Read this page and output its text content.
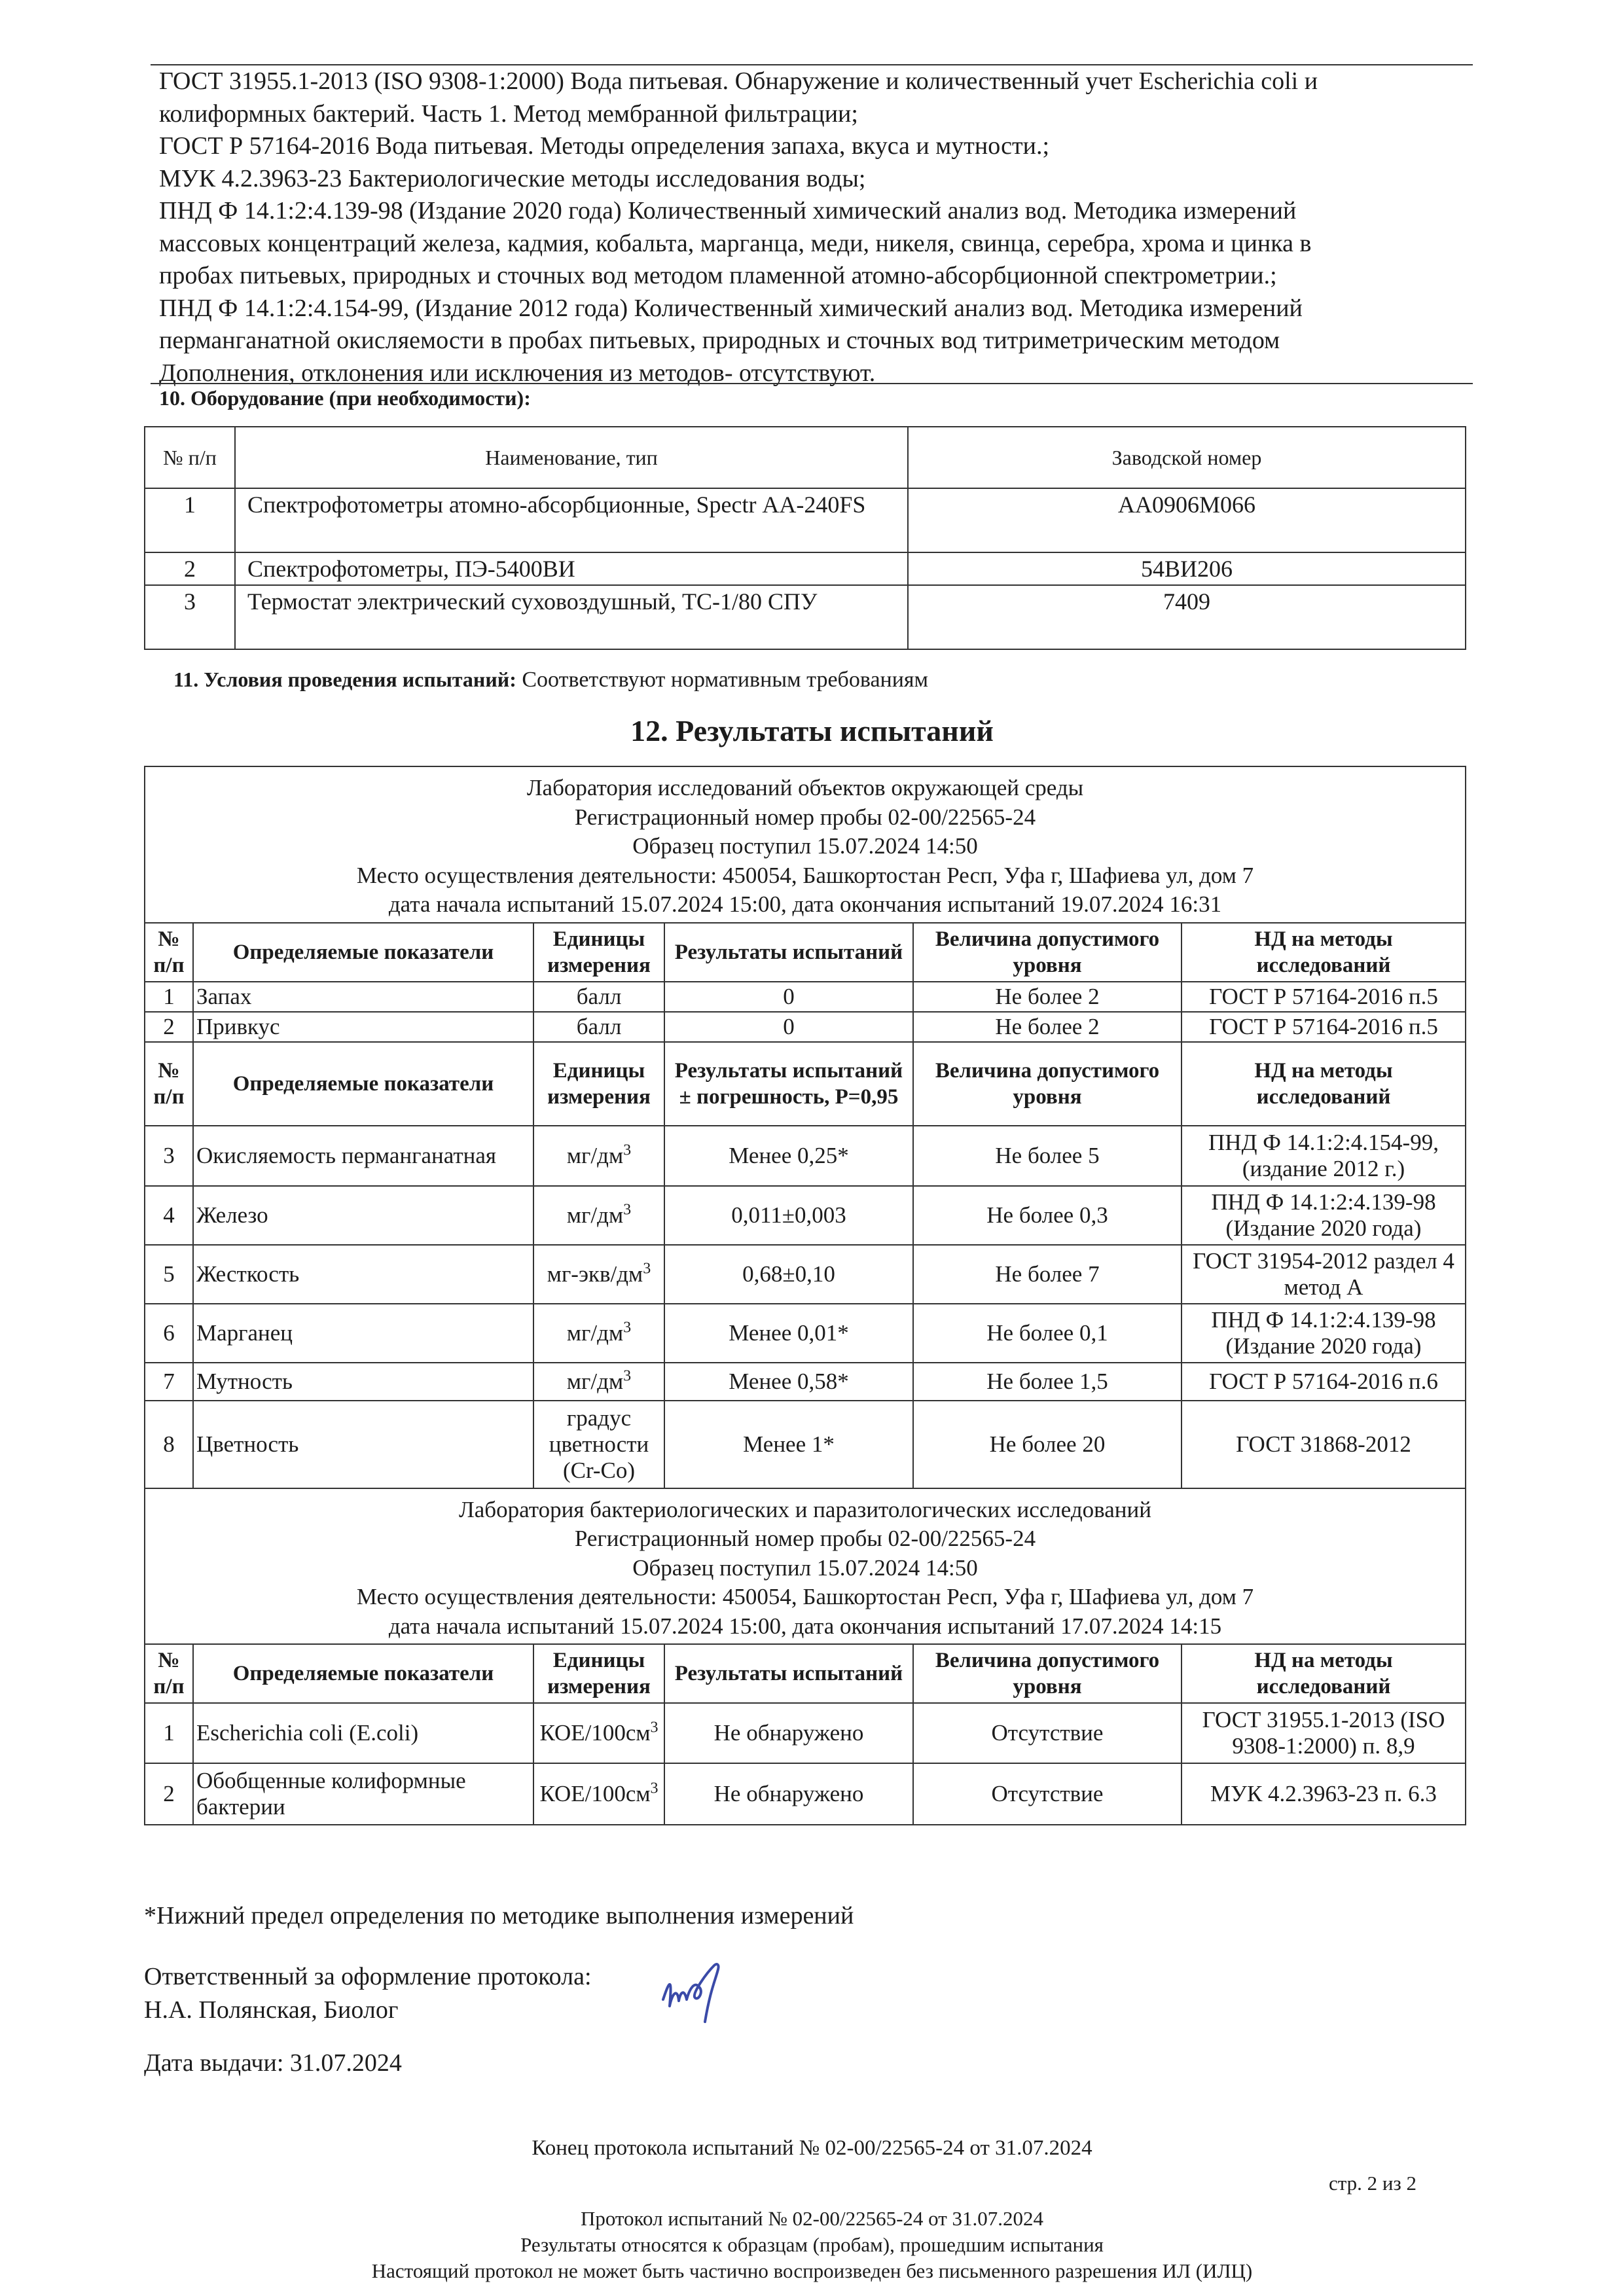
ГОСТ 31955.1-2013 (ISO 9308-1:2000) Вода питьевая. Обнаружение и количественный учет Escherichia coli и
колиформных бактерий. Часть 1. Метод мембранной фильтрации;
ГОСТ Р 57164-2016 Вода питьевая. Методы определения запаха, вкуса и мутности.;
МУК 4.2.3963-23 Бактериологические методы исследования воды;
ПНД Ф 14.1:2:4.139-98 (Издание 2020 года) Количественный химический анализ вод. Методика измерений
массовых концентраций железа, кадмия, кобальта, марганца, меди, никеля, свинца, серебра, хрома и цинка в
пробах питьевых, природных и сточных вод методом пламенной атомно-абсорбционной спектрометрии.;
ПНД Ф 14.1:2:4.154-99, (Издание 2012 года) Количественный химический анализ вод. Методика измерений
перманганатной окисляемости в пробах питьевых, природных и сточных вод титриметрическим методом
Дополнения, отклонения или исключения из методов- отсутствуют.
10. Оборудование (при необходимости):
№ п/п	Наименование, тип	Заводской номер
1	Спектрофотометры атомно-абсорбционные, Spectr АА-240FS	АА0906М066
2	Спектрофотометры, ПЭ-5400ВИ	54ВИ206
3	Термостат электрический суховоздушный, ТС-1/80 СПУ	7409
11. Условия проведения испытаний: Соответствуют нормативным требованиям
12. Результаты испытаний
Лаборатория исследований объектов окружающей среды
Регистрационный номер пробы 02-00/22565-24
Образец поступил 15.07.2024 14:50
Место осуществления деятельности: 450054, Башкортостан Респ, Уфа г, Шафиева ул, дом 7
дата начала испытаний 15.07.2024 15:00, дата окончания испытаний 19.07.2024 16:31					

№ п/п	Определяемые показатели	Единицы измерения	Результаты испытаний	Величина допустимого уровня	НД на методы исследований
1	Запах	балл	0	Не более 2	ГОСТ Р 57164-2016 п.5
2	Привкус	балл	0	Не более 2	ГОСТ Р 57164-2016 п.5
№ п/п	Определяемые показатели	Единицы измерения	Результаты испытаний ± погрешность, Р=0,95	Величина допустимого уровня	НД на методы исследований
3	Окисляемость перманганатная	$мг/дм^3$	Менее 0,25*	Не более 5	ПНД Ф 14.1:2:4.154-99, (издание 2012 г.)
4	Железо	$мг/дм^3$	0,011±0,003	Не более 0,3	ПНД Ф 14.1:2:4.139-98 (Издание 2020 года)
5	Жесткость	$мг-экв/дм^3$	0,68±0,10	Не более 7	ГОСТ 31954-2012 раздел 4 метод А
6	Марганец	$мг/дм^3$	Менее 0,01*	Не более 0,1	ПНД Ф 14.1:2:4.139-98 (Издание 2020 года)
7	Мутность	$мг/дм^3$	Менее 0,58*	Не более 1,5	ГОСТ Р 57164-2016 п.6
8	Цветность	градус цветности (Cr-Co)	Менее 1*	Не более 20	ГОСТ 31868-2012

Лаборатория бактериологических и паразитологических исследований
Регистрационный номер пробы 02-00/22565-24
Образец поступил 15.07.2024 14:50
Место осуществления деятельности: 450054, Башкортостан Респ, Уфа г, Шафиева ул, дом 7
дата начала испытаний 15.07.2024 15:00, дата окончания испытаний 17.07.2024 14:15					

№ п/п	Определяемые показатели	Единицы измерения	Результаты испытаний	Величина допустимого уровня	НД на методы исследований
1	Escherichia coli (E.coli)	КОЕ/$100см^3$	Не обнаружено	Отсутствие	ГОСТ 31955.1-2013 (ISO 9308-1:2000) п. 8,9
2	Обобщенные колиформные бактерии	КОЕ/$100см^3$	Не обнаружено	Отсутствие	МУК 4.2.3963-23 п. 6.3
*Нижний предел определения по методике выполнения измерений
Ответственный за оформление протокола:
Н.А. Полянская, Биолог
Дата выдачи: 31.07.2024
Конец протокола испытаний № 02-00/22565-24 от 31.07.2024
стр. 2 из 2
Протокол испытаний № 02-00/22565-24 от 31.07.2024
Результаты относятся к образцам (пробам), прошедшим испытания
Настоящий протокол не может быть частично воспроизведен без письменного разрешения ИЛ (ИЛЦ)
